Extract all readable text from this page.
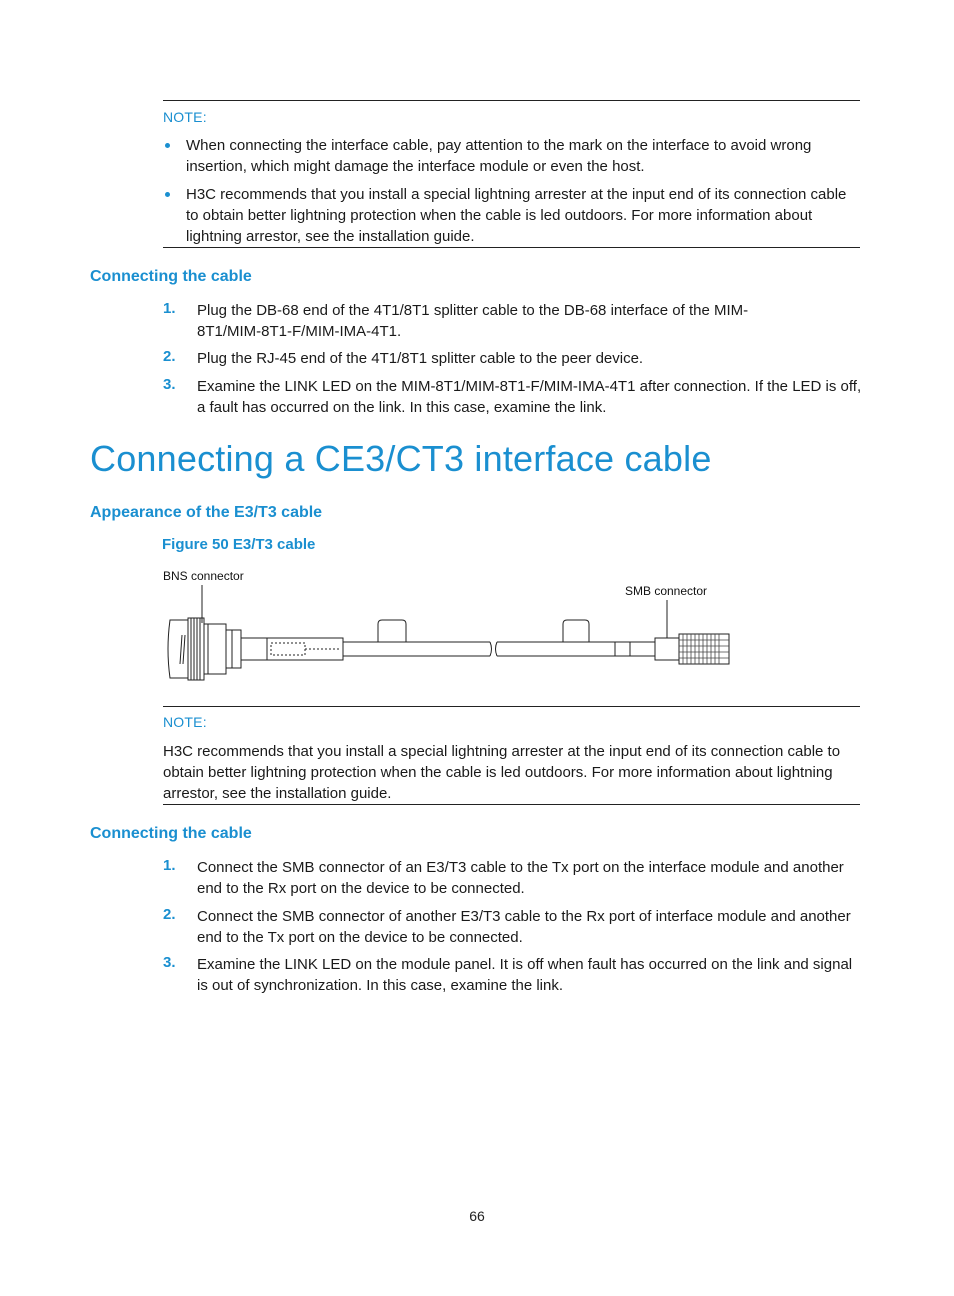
NOTE:
When connecting the interface cable, pay attention to the mark on the interface to avoid wrong insertion, which might damage the interface module or even the host.
H3C recommends that you install a special lightning arrester at the input end of its connection cable to obtain better lightning protection when the cable is led outdoors. For more information about lightning arrestor, see the installation guide.
Connecting the cable
1. Plug the DB-68 end of the 4T1/8T1 splitter cable to the DB-68 interface of the MIM-8T1/MIM-8T1-F/MIM-IMA-4T1.
2. Plug the RJ-45 end of the 4T1/8T1 splitter cable to the peer device.
3. Examine the LINK LED on the MIM-8T1/MIM-8T1-F/MIM-IMA-4T1 after connection. If the LED is off, a fault has occurred on the link. In this case, examine the link.
Connecting a CE3/CT3 interface cable
Appearance of the E3/T3 cable
Figure 50 E3/T3 cable
BNS connector
SMB connector
NOTE:
H3C recommends that you install a special lightning arrester at the input end of its connection cable to obtain better lightning protection when the cable is led outdoors. For more information about lightning arrestor, see the installation guide.
Connecting the cable
1. Connect the SMB connector of an E3/T3 cable to the Tx port on the interface module and another end to the Rx port on the device to be connected.
2. Connect the SMB connector of another E3/T3 cable to the Rx port of interface module and another end to the Tx port on the device to be connected.
3. Examine the LINK LED on the module panel. It is off when fault has occurred on the link and signal is out of synchronization. In this case, examine the link.
66
